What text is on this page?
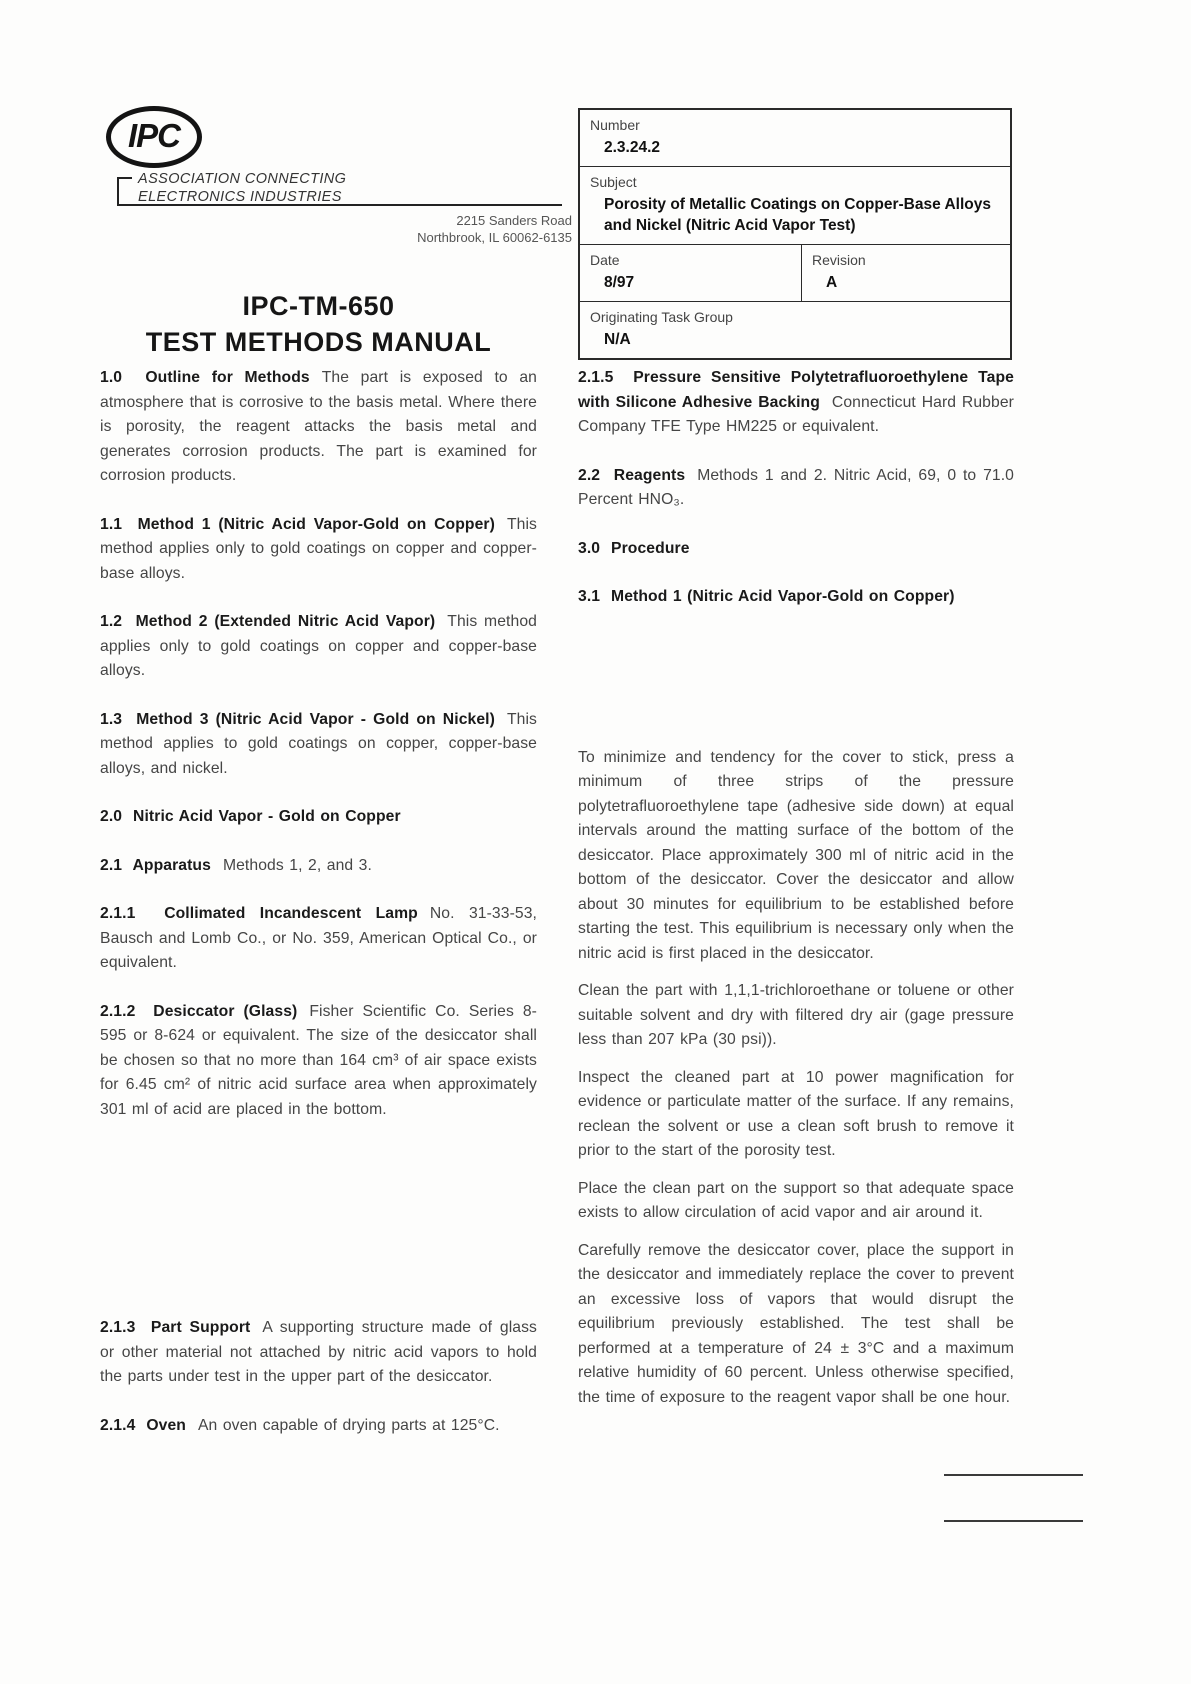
IPC
ASSOCIATION CONNECTING
ELECTRONICS INDUSTRIES
2215 Sanders Road
Northbrook, IL 60062-6135
IPC-TM-650
TEST METHODS MANUAL
Number
2.3.24.2
Subject
Porosity of Metallic Coatings on Copper-Base Alloys and Nickel (Nitric Acid Vapor Test)
Date
8/97
Revision
A
Originating Task Group
N/A

1.0 Outline for Methods The part is exposed to an atmosphere that is corrosive to the basis metal. Where there is porosity, the reagent attacks the basis metal and generates corrosion products. The part is examined for corrosion products.

1.1 Method 1 (Nitric Acid Vapor-Gold on Copper) This method applies only to gold coatings on copper and copper-base alloys.

1.2 Method 2 (Extended Nitric Acid Vapor) This method applies only to gold coatings on copper and copper-base alloys.

1.3 Method 3 (Nitric Acid Vapor - Gold on Nickel) This method applies to gold coatings on copper, copper-base alloys, and nickel.

2.0 Nitric Acid Vapor - Gold on Copper

2.1 Apparatus Methods 1, 2, and 3.

2.1.1 Collimated Incandescent Lamp No. 31-33-53, Bausch and Lomb Co., or No. 359, American Optical Co., or equivalent.

2.1.2 Desiccator (Glass) Fisher Scientific Co. Series 8-595 or 8-624 or equivalent. The size of the desiccator shall be chosen so that no more than 164 cm³ of air space exists for 6.45 cm² of nitric acid surface area when approximately 301 ml of acid are placed in the bottom.

2.1.3 Part Support A supporting structure made of glass or other material not attached by nitric acid vapors to hold the parts under test in the upper part of the desiccator.

2.1.4 Oven An oven capable of drying parts at 125°C.

2.1.5 Pressure Sensitive Polytetrafluoroethylene Tape with Silicone Adhesive Backing Connecticut Hard Rubber Company TFE Type HM225 or equivalent.

2.2 Reagents Methods 1 and 2. Nitric Acid, 69, 0 to 71.0 Percent HNO₃.

3.0 Procedure

3.1 Method 1 (Nitric Acid Vapor-Gold on Copper)

To minimize and tendency for the cover to stick, press a minimum of three strips of the pressure polytetrafluoroethylene tape (adhesive side down) at equal intervals around the matting surface of the bottom of the desiccator. Place approximately 300 ml of nitric acid in the bottom of the desiccator. Cover the desiccator and allow about 30 minutes for equilibrium to be established before starting the test. This equilibrium is necessary only when the nitric acid is first placed in the desiccator.

Clean the part with 1,1,1-trichloroethane or toluene or other suitable solvent and dry with filtered dry air (gage pressure less than 207 kPa (30 psi)).

Inspect the cleaned part at 10 power magnification for evidence or particulate matter of the surface. If any remains, reclean the solvent or use a clean soft brush to remove it prior to the start of the porosity test.

Place the clean part on the support so that adequate space exists to allow circulation of acid vapor and air around it.

Carefully remove the desiccator cover, place the support in the desiccator and immediately replace the cover to prevent an excessive loss of vapors that would disrupt the equilibrium previously established. The test shall be performed at a temperature of 24 ± 3°C and a maximum relative humidity of 60 percent. Unless otherwise specified, the time of exposure to the reagent vapor shall be one hour.
